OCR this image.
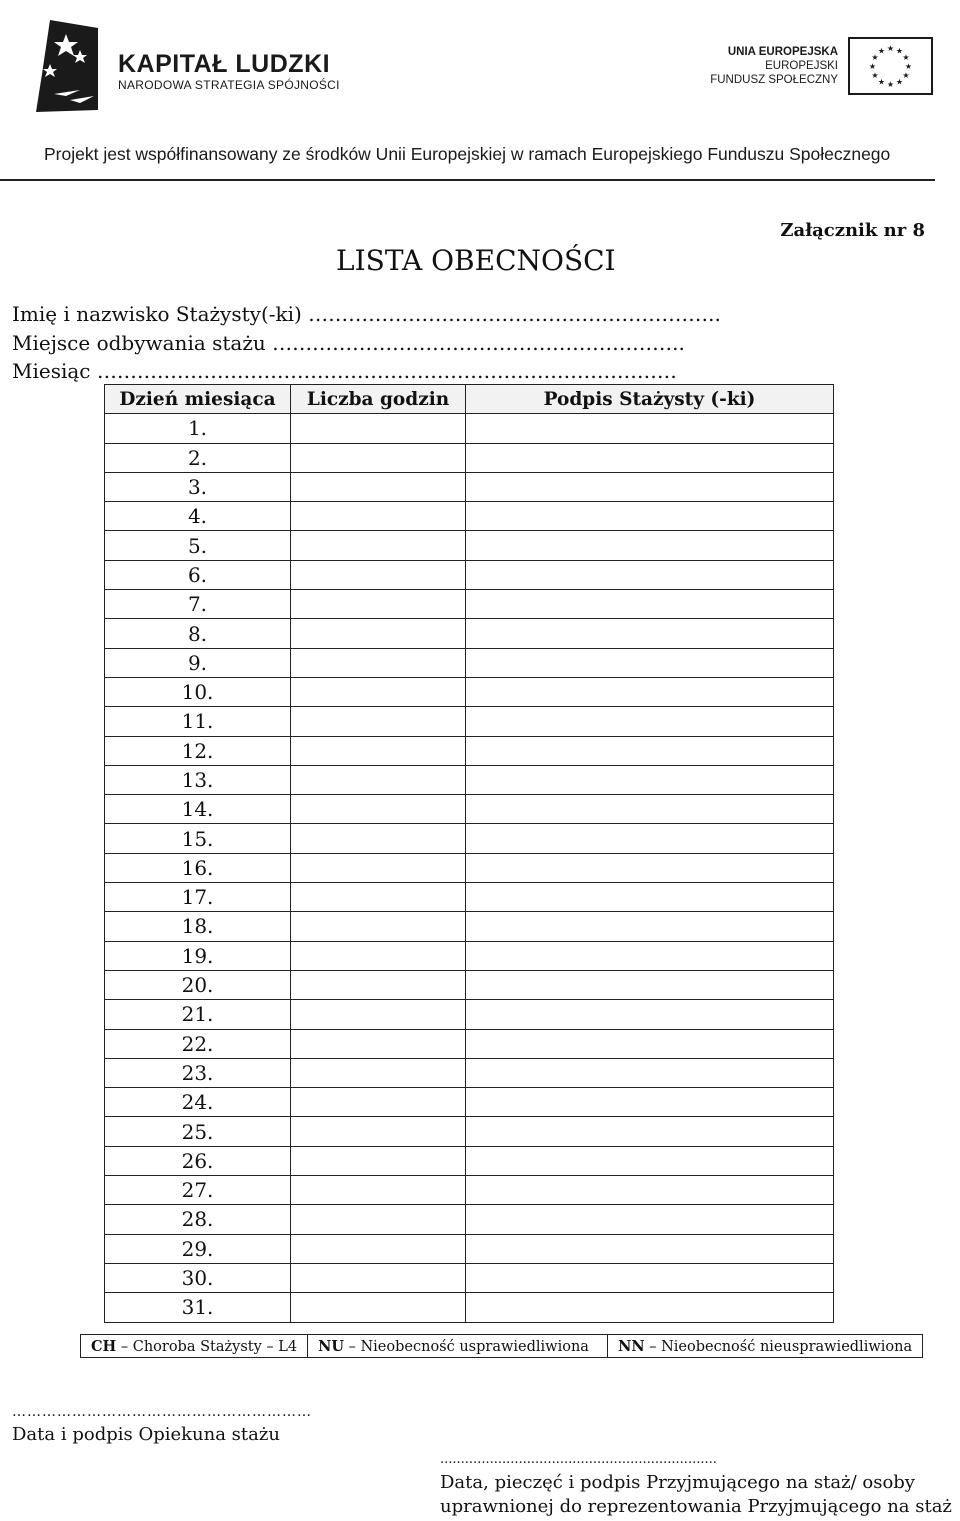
KAPITAŁ LUDZKI
NARODOWA STRATEGIA SPÓJNOŚCI
UNIA EUROPEJSKA
EUROPEJSKI
FUNDUSZ SPOŁECZNY
★ ★
★
★
★
★
★
★
★
★
★
★
Projekt jest współfinansowany ze środków Unii Europejskiej w ramach Europejskiego Funduszu Społecznego
Załącznik nr 8
LISTA OBECNOŚCI
Imię i nazwisko Stażysty(-ki) ……………………………………………………..
Miejsce odbywania stażu ……………………………………………………..
Miesiąc ……………………………………………………………………………
Dzień miesiąca	Liczba godzin	Podpis Stażysty (-ki)
1.		
2.		
3.		
4.		
5.		
6.		
7.		
8.		
9.		
10.		
11.		
12.		
13.		
14.		
15.		
16.		
17.		
18.		
19.		
20.		
21.		
22.		
23.		
24.		
25.		
26.		
27.		
28.		
29.		
30.		
31.		
CH – Choroba Stażysty – L4	NU – Nieobecność usprawiedliwiona	NN – Nieobecność nieusprawiedliwiona
……………………………………………………
Data i podpis Opiekuna stażu
...................................................................
Data, pieczęć i podpis Przyjmującego na staż/ osoby
uprawnionej do reprezentowania Przyjmującego na staż
